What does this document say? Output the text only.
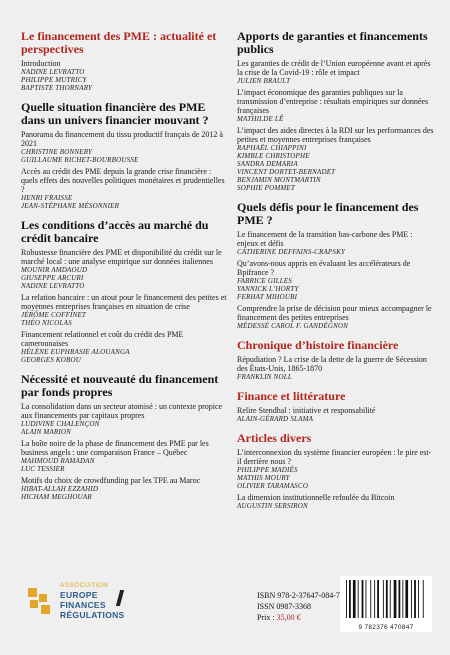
Le financement des PME : actualité et perspectives
Introduction
NADINE LEVRATTO
PHILIPPE MUTRICY
BAPTISTE THORNARY
Quelle situation financière des PME dans un univers financier mouvant ?
Panorama du financement du tissu productif français de 2012 à 2021
CHRISTINE BONNERY
GUILLAUME RICHET-BOURBOUSSE
Accès au crédit des PME depuis la grande crise financière : quels effets des nouvelles politiques monétaires et prudentielles ?
HENRI FRAISSE
JEAN-STÉPHANE MÉSONNIER
Les conditions d’accès au marché du crédit bancaire
Robustesse financière des PME et disponibilité du crédit sur le marché local : une analyse empirique sur données italiennes
MOUNIR AMDAOUD
GIUSEPPE ARCURI
NADINE LEVRATTO
La relation bancaire : un atout pour le financement des petites et moyennes entreprises françaises en situation de crise
JÉRÔME COFFINET
THÉO NICOLAS
Financement relationnel et coût du crédit des PME camerounaises
HÉLÈNE EUPHRASIE ALOUANGA
GEORGES KOBOU
Nécessité et nouveauté du financement par fonds propres
La consolidation dans un secteur atomisé : un contexte propice aux financements par capitaux propres
LUDIVINE CHALENÇON
ALAIN MARION
La boîte noire de la phase de financement des PME par les business angels : une comparaison France – Québec
MAHMOUD RAMADAN
LUC TESSIER
Motifs du choix de crowdfunding par les TPE au Maroc
HIBAT-ALLAH EZZAHID
HICHAM MEGHOUAR
Apports de garanties et financements publics
Les garanties de crédit de l’Union européenne avant et après la crise de la Covid-19 : rôle et impact
JULIEN BRAULT
L’impact économique des garanties publiques sur la transmission d’entreprise : résultats empiriques sur données françaises
MATHILDE LÊ
L’impact des aides directes à la RDI sur les performances des petites et moyennes entreprises françaises
RAPHAËL CHIAPPINI
KIMBLE CHRISTOPHE
SANDRA DEMARIA
VINCENT DORTET-BERNADET
BENJAMIN MONTMARTIN
SOPHIE POMMET
Quels défis pour le financement des PME ?
Le financement de la transition bas-carbone des PME : enjeux et défis
CATHERINE DEFFAINS-CRAPSKY
Qu’avons-nous appris en évaluant les accélérateurs de Bpifrance ?
FABRICE GILLES
YANNICK L’HORTY
FERHAT MIHOUBI
Comprendre la prise de décision pour mieux accompagner le financement des petites entreprises
MÉDESSÉ CAROL F. GANDÉGNON
Chronique d’histoire financière
Répudiation ? La crise de la dette de la guerre de Sécession des États-Unis, 1865-1870
FRANKLIN NOLL
Finance et littérature
Relire Stendhal : initiative et responsabilité
ALAIN-GÉRARD SLAMA
Articles divers
L’interconnexion du système financier européen : le pire est-il derrière nous ?
PHILIPPE MADIÈS
MATHIS MOURY
OLIVIER TARAMASCO
La dimension institutionnelle refoulée du Bitcoin
AUGUSTIN SERSIRON
ASSOCIATION
EUROPE
FINANCES
RÉGULATIONS
ISBN 978-2-37647-084-7
ISSN 0987-3368
Prix : 35,00 €
9 782376 470847
